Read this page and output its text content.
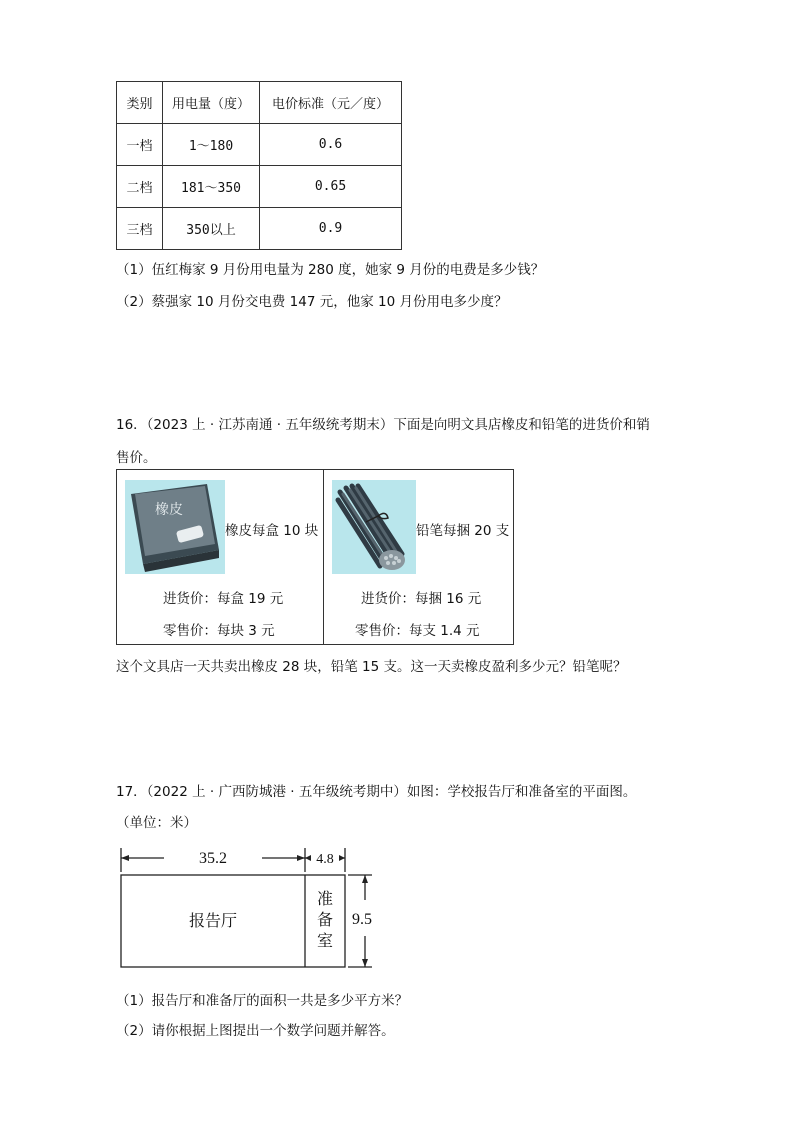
类别	用电量（度）	电价标准（元／度）
一档	1～180	0.6
二档	181～350	0.65
三档	350以上	0.9
（1）伍红梅家 9 月份用电量为 280 度，她家 9 月份的电费是多少钱？
（2）蔡强家 10 月份交电费 147 元，他家 10 月份用电多少度？
16．（2023 上 · 江苏南通 · 五年级统考期末）下面是向明文具店橡皮和铅笔的进货价和销
售价。
橡皮
橡皮每盒 10 块
进货价：每盒 19 元
零售价：每块 3 元
铅笔每捆 20 支
进货价：每捆 16 元
零售价：每支 1.4 元
这个文具店一天共卖出橡皮 28 块，铅笔 15 支。这一天卖橡皮盈利多少元？铅笔呢？
17．（2022 上 · 广西防城港 · 五年级统考期中）如图：学校报告厅和准备室的平面图。
（单位：米）
35.2	4.8
9.5
报告厅
准
备
室
（1）报告厅和准备厅的面积一共是多少平方米？
（2）请你根据上图提出一个数学问题并解答。
